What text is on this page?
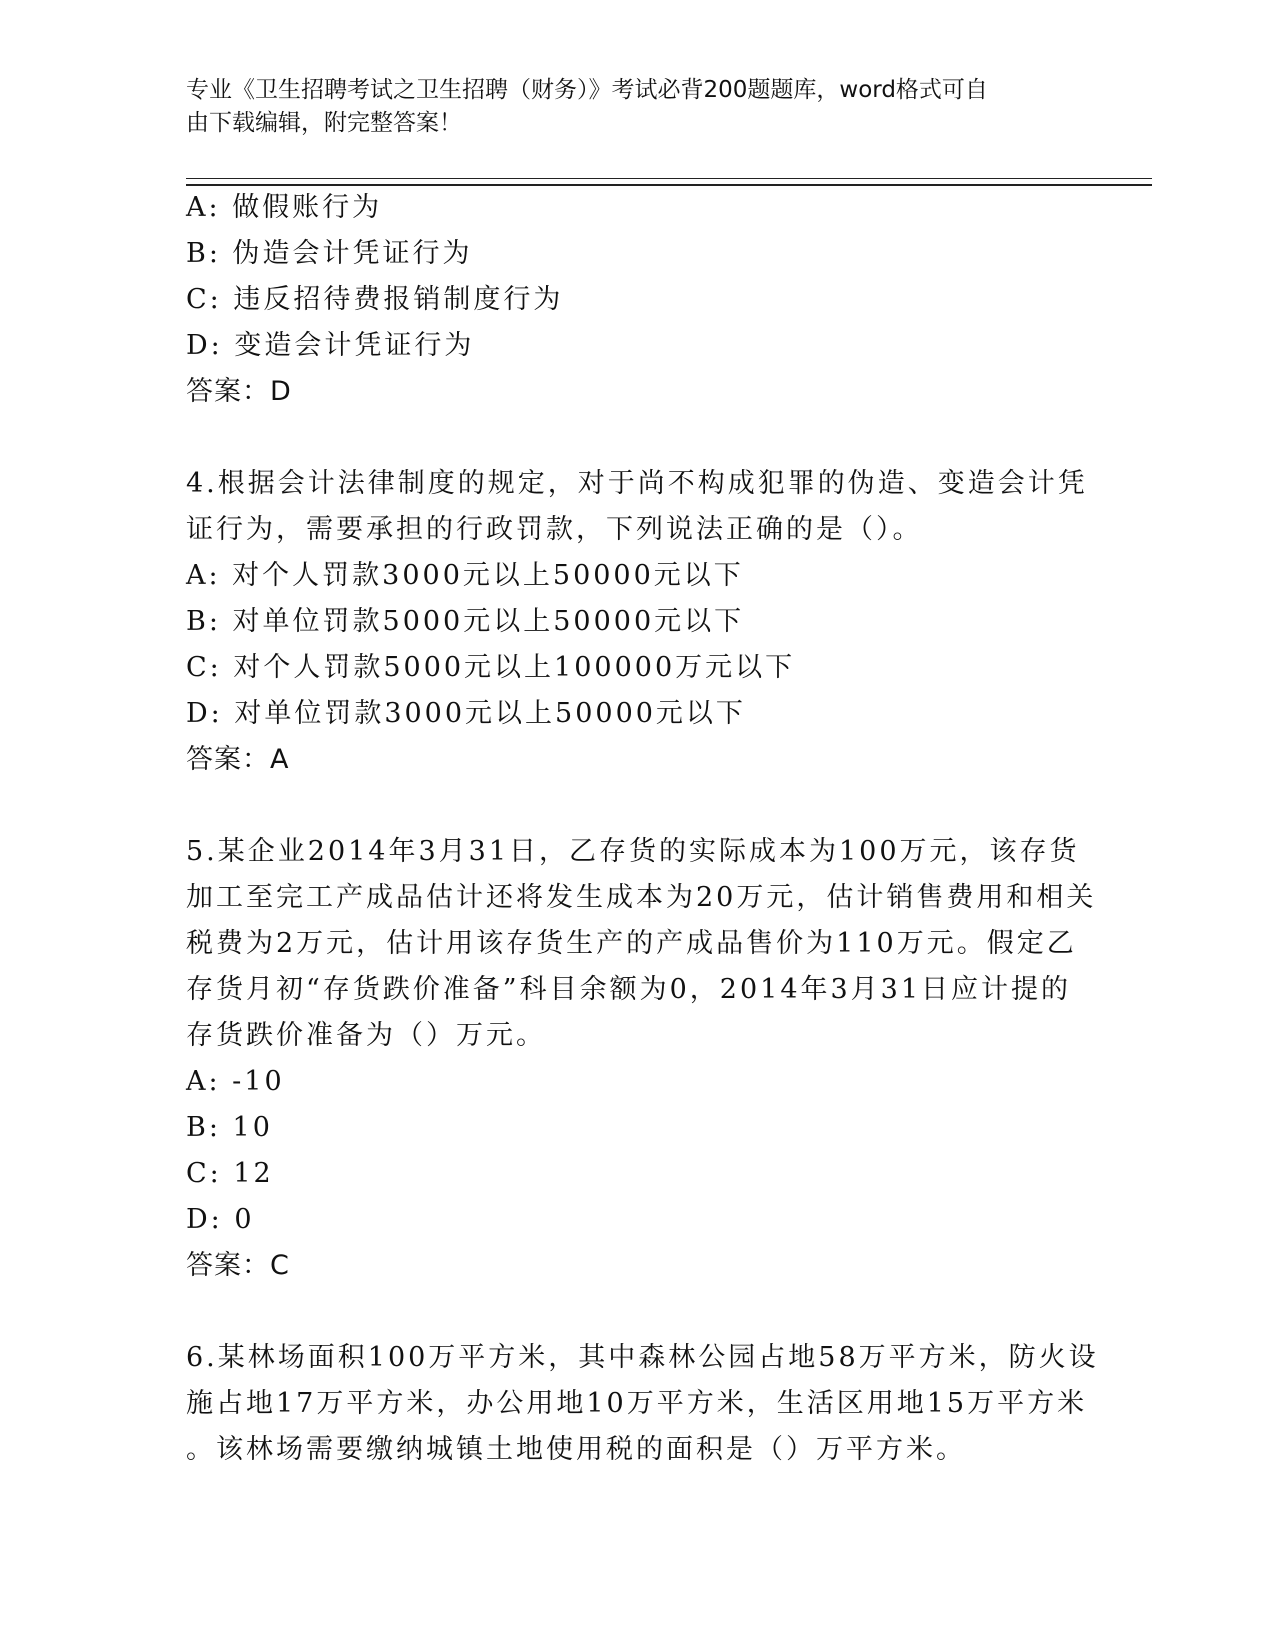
专业《卫生招聘考试之卫生招聘（财务）》考试必背200题题库，word格式可自
由下载编辑，附完整答案！
A: 做假账行为
B: 伪造会计凭证行为
C: 违反招待费报销制度行为
D: 变造会计凭证行为
答案：D
4.根据会计法律制度的规定，对于尚不构成犯罪的伪造、变造会计凭
证行为，需要承担的行政罚款，下列说法正确的是（）。
A: 对个人罚款3000元以上50000元以下
B: 对单位罚款5000元以上50000元以下
C: 对个人罚款5000元以上100000万元以下
D: 对单位罚款3000元以上50000元以下
答案：A
5.某企业2014年3月31日，乙存货的实际成本为100万元，该存货
加工至完工产成品估计还将发生成本为20万元，估计销售费用和相关
税费为2万元，估计用该存货生产的产成品售价为110万元。假定乙
存货月初“存货跌价准备”科目余额为0，2014年3月31日应计提的
存货跌价准备为（）万元。
A: -10
B: 10
C: 12
D: 0
答案：C
6.某林场面积100万平方米，其中森林公园占地58万平方米，防火设
施占地17万平方米，办公用地10万平方米，生活区用地15万平方米
。该林场需要缴纳城镇土地使用税的面积是（）万平方米。
